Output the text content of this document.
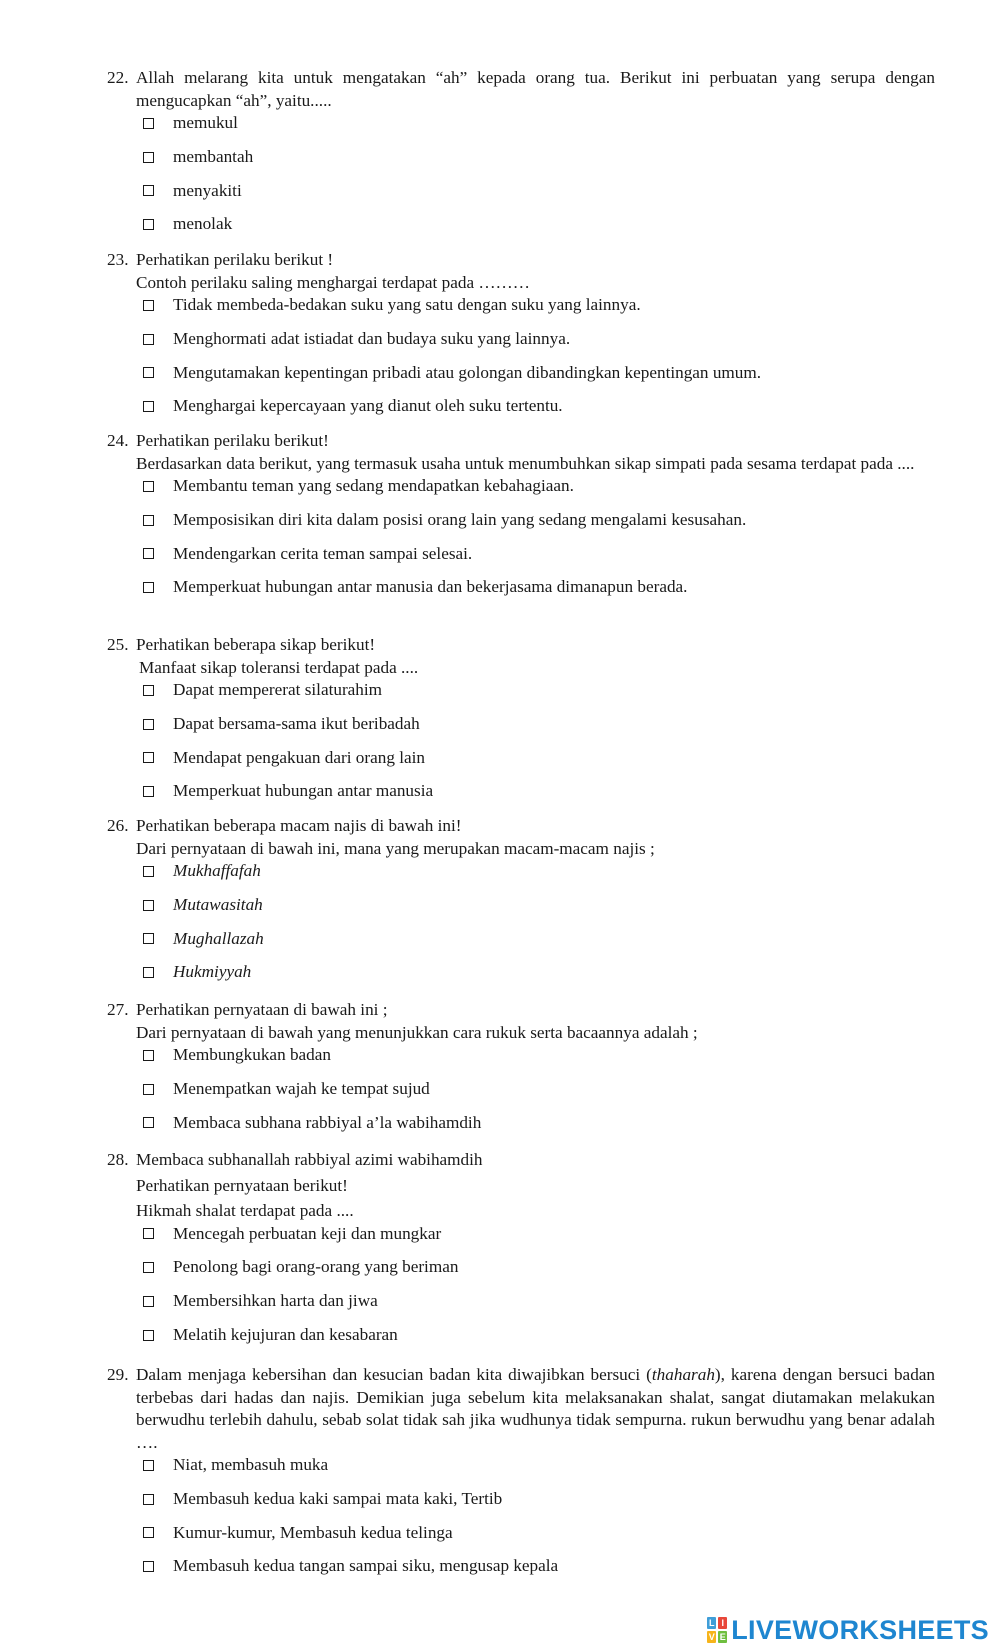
22. Allah melarang kita untuk mengatakan “ah” kepada orang tua. Berikut ini perbuatan yang serupa dengan mengucapkan “ah”, yaitu.....
memukul
membantah
menyakiti
menolak
23. Perhatikan perilaku berikut !
Contoh perilaku saling menghargai terdapat pada ………
Tidak membeda-bedakan suku yang satu dengan suku yang lainnya.
Menghormati adat istiadat dan budaya suku yang lainnya.
Mengutamakan kepentingan pribadi atau golongan dibandingkan kepentingan umum.
Menghargai kepercayaan yang dianut oleh suku tertentu.
24. Perhatikan perilaku berikut!
Berdasarkan data berikut, yang termasuk usaha untuk menumbuhkan sikap simpati pada sesama terdapat pada ....
Membantu teman yang sedang mendapatkan kebahagiaan.
Memposisikan diri kita dalam posisi orang lain yang sedang mengalami kesusahan.
Mendengarkan cerita teman sampai selesai.
Memperkuat hubungan antar manusia dan bekerjasama dimanapun berada.
25. Perhatikan beberapa sikap berikut!
Manfaat sikap toleransi terdapat pada ....
Dapat mempererat silaturahim
Dapat bersama-sama ikut beribadah
Mendapat pengakuan dari orang lain
Memperkuat hubungan antar manusia
26. Perhatikan beberapa macam najis di bawah ini!
Dari pernyataan di bawah ini, mana yang merupakan macam-macam najis ;
Mukhaffafah
Mutawasitah
Mughallazah
Hukmiyyah
27. Perhatikan pernyataan di bawah ini ;
Dari pernyataan di bawah yang menunjukkan cara rukuk serta bacaannya adalah ;
Membungkukan badan
Menempatkan wajah ke tempat sujud
Membaca subhana rabbiyal a’la wabihamdih
28. Membaca subhanallah rabbiyal azimi wabihamdih
Perhatikan pernyataan berikut!
Hikmah shalat terdapat pada ....
Mencegah perbuatan keji dan mungkar
Penolong bagi orang-orang yang beriman
Membersihkan harta dan jiwa
Melatih kejujuran dan kesabaran
29. Dalam menjaga kebersihan dan kesucian badan kita diwajibkan bersuci (thaharah), karena dengan bersuci badan terbebas dari hadas dan najis. Demikian juga sebelum kita melaksanakan shalat, sangat diutamakan melakukan berwudhu terlebih dahulu, sebab solat tidak sah jika wudhunya tidak sempurna. rukun berwudhu yang benar adalah ….
Niat, membasuh muka
Membasuh kedua kaki sampai mata kaki, Tertib
Kumur-kumur, Membasuh kedua telinga
Membasuh kedua tangan sampai siku, mengusap kepala
L I
V E LIVEWORKSHEETS
